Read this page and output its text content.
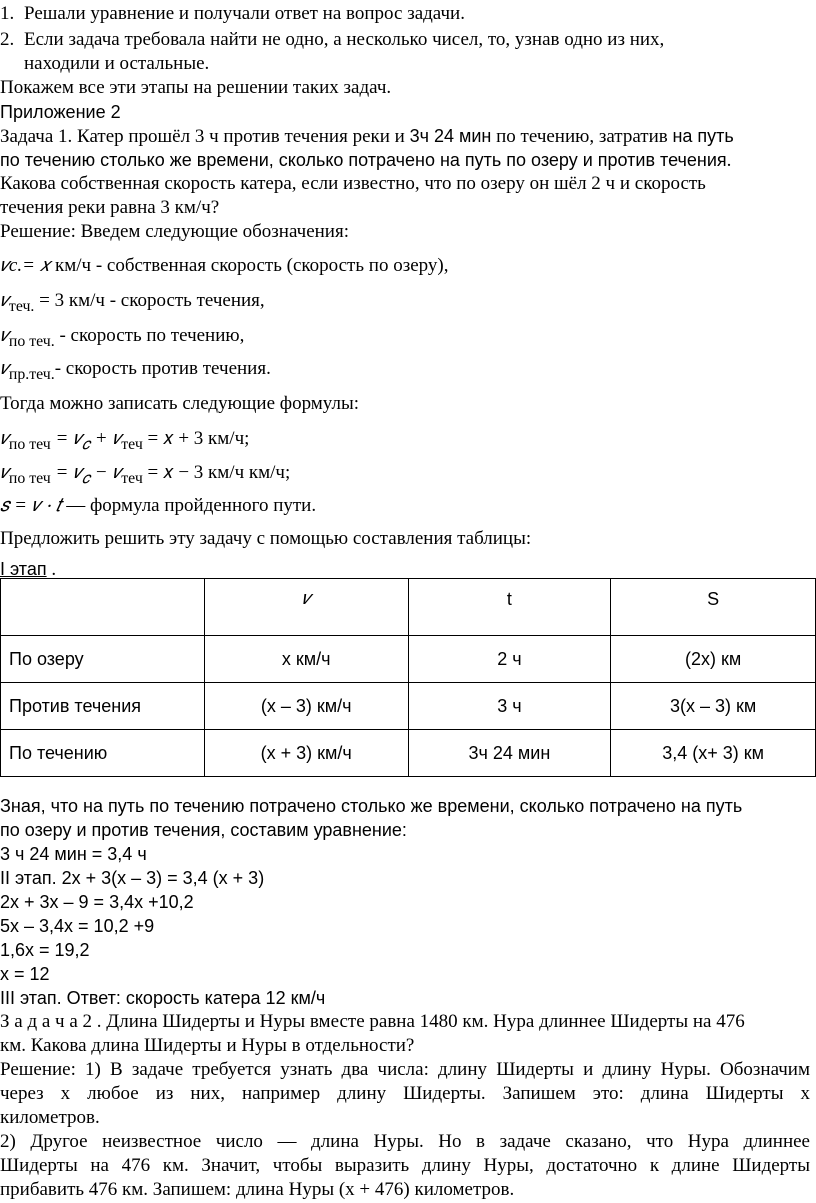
1. Решали уравнение и получали ответ на вопрос задачи.
2. Если задача требовала найти не одно, а несколько чисел, то, узнав одно из них,
находили и остальные.
Покажем все эти этапы на решении таких задач.
Приложение 2
Задача 1. Катер прошёл 3 ч против течения реки и 3ч 24 мин по течению, затратив на путь
по течению столько же времени, сколько потрачено на путь по озеру и против течения.
Какова собственная скорость катера, если известно, что по озеру он шёл 2 ч и скорость
течения реки равна 3 км/ч?
Решение: Введем следующие обозначения:
𝑣с.= 𝑥 км/ч - собственная скорость (скорость по озеру),
𝑣$_{теч.}$ = 3 км/ч - скорость течения,
𝑣$_{по теч.}$ - скорость по течению,
𝑣$_{пр.теч.}$- скорость против течения.
Тогда можно записать следующие формулы:
𝑣$_{по теч}$ = 𝑣$_𝑐$ + 𝑣$_{теч}$ = 𝑥 + 3 км/ч;
𝑣$_{по теч}$ = 𝑣$_𝑐$ − 𝑣$_{теч}$ = 𝑥 − 3 км/ч км/ч;
𝑠 = 𝑣 ⋅ 𝑡 — формула пройденного пути.
Предложить решить эту задачу с помощью составления таблицы:
I этап .
	𝑣	t	S
По озеру	х км/ч	2 ч	(2х) км
Против течения	(х – 3) км/ч	3 ч	3(х – 3) км
По течению	(х + 3) км/ч	3ч 24 мин	3,4 (х+ 3) км
Зная, что на путь по течению потрачено столько же времени, сколько потрачено на путь
по озеру и против течения, составим уравнение:
3 ч 24 мин = 3,4 ч
II этап. 2х + 3(х – 3) = 3,4 (х + 3)
2х + 3х – 9 = 3,4х +10,2
5х – 3,4х = 10,2 +9
1,6х = 19,2
х = 12
III этап. Ответ: скорость катера 12 км/ч
З а д а ч а 2 . Длина Шидерты и Нуры вместе равна 1480 км. Нура длиннее Шидерты на 476
км. Какова длина Шидерты и Нуры в отдельности?
Решение: 1) В задаче требуется узнать два числа: длину Шидерты и длину Нуры. Обозначим
через х любое из них, например длину Шидерты. Запишем это: длина Шидерты х
километров.
2) Другое неизвестное число — длина Нуры. Но в задаче сказано, что Нура длиннее
Шидерты на 476 км. Значит, чтобы выразить длину Нуры, достаточно к длине Шидерты
прибавить 476 км. Запишем: длина Нуры (х + 476) километров.
